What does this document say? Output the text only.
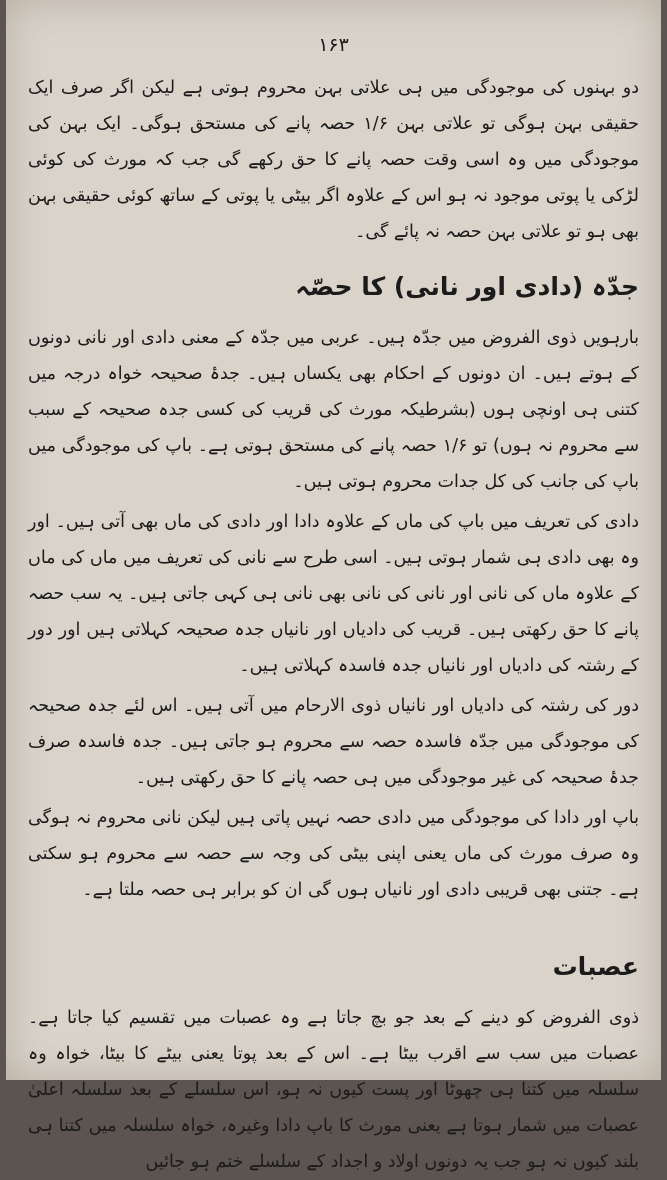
۱۶۳

دو بہنوں کی موجودگی میں ہی علاتی بہن محروم ہوتی ہے لیکن اگر صرف ایک حقیقی بہن ہوگی تو علاتی بہن ۱/۶ حصہ پانے کی مستحق ہوگی۔ ایک بہن کی موجودگی میں وہ اسی وقت حصہ پانے کا حق رکھے گی جب کہ مورث کی کوئی لڑکی یا پوتی موجود نہ ہو اس کے علاوہ اگر بیٹی یا پوتی کے ساتھ کوئی حقیقی بہن بھی ہو تو علاتی بہن حصہ نہ پائے گی۔

جدّہ (دادی اور نانی) کا حصّہ

بارہویں ذوی الفروض میں جدّہ ہیں۔ عربی میں جدّہ کے معنی دادی اور نانی دونوں کے ہوتے ہیں۔ ان دونوں کے احکام بھی یکساں ہیں۔ جدۂ صحیحہ خواہ درجہ میں کتنی ہی اونچی ہوں (بشرطیکہ مورث کی قریب کی کسی جدہ صحیحہ کے سبب سے محروم نہ ہوں) تو ۱/۶ حصہ پانے کی مستحق ہوتی ہے۔ باپ کی موجودگی میں باپ کی جانب کی کل جدات محروم ہوتی ہیں۔

دادی کی تعریف میں باپ کی ماں کے علاوہ دادا اور دادی کی ماں بھی آتی ہیں۔ اور وہ بھی دادی ہی شمار ہوتی ہیں۔ اسی طرح سے نانی کی تعریف میں ماں کی ماں کے علاوہ ماں کی نانی اور نانی کی نانی بھی نانی ہی کہی جاتی ہیں۔ یہ سب حصہ پانے کا حق رکھتی ہیں۔ قریب کی دادیاں اور نانیاں جدہ صحیحہ کہلاتی ہیں اور دور کے رشتہ کی دادیاں اور نانیاں جدہ فاسدہ کہلاتی ہیں۔

دور کی رشتہ کی دادیاں اور نانیاں ذوی الارحام میں آتی ہیں۔ اس لئے جدہ صحیحہ کی موجودگی میں جدّہ فاسدہ حصہ سے محروم ہو جاتی ہیں۔ جدہ فاسدہ صرف جدۂ صحیحہ کی غیر موجودگی میں ہی حصہ پانے کا حق رکھتی ہیں۔

باپ اور دادا کی موجودگی میں دادی حصہ نہیں پاتی ہیں لیکن نانی محروم نہ ہوگی وہ صرف مورث کی ماں یعنی اپنی بیٹی کی وجہ سے حصہ سے محروم ہو سکتی ہے۔ جتنی بھی قریبی دادی اور نانیاں ہوں گی ان کو برابر ہی حصہ ملتا ہے۔

عصبات

ذوی الفروض کو دینے کے بعد جو بچ جاتا ہے وہ عصبات میں تقسیم کیا جاتا ہے۔ عصبات میں سب سے اقرب بیٹا ہے۔ اس کے بعد پوتا یعنی بیٹے کا بیٹا، خواہ وہ سلسلہ میں کتنا ہی چھوٹا اور پست کیوں نہ ہو، اس سلسلے کے بعد سلسلہ اعلیٰ عصبات میں شمار ہوتا ہے یعنی مورث کا باپ دادا وغیرہ، خواہ سلسلہ میں کتنا ہی بلند کیوں نہ ہو جب یہ دونوں اولاد و اجداد کے سلسلے ختم ہو جائیں
